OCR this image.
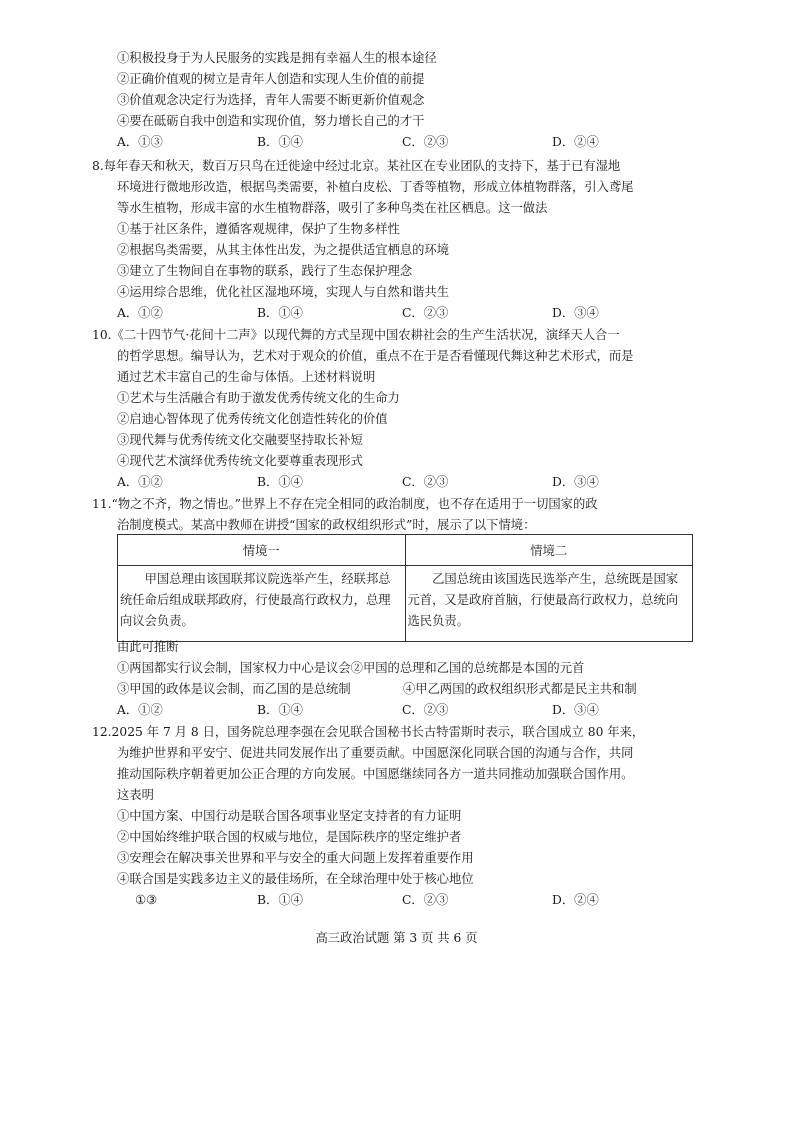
①积极投身于为人民服务的实践是拥有幸福人生的根本途径
②正确价值观的树立是青年人创造和实现人生价值的前提
③价值观念决定行为选择，青年人需要不断更新价值观念
④要在砥砺自我中创造和实现价值，努力增长自己的才干
A．①③	B．①④	C．②③	D．②④
8.每年春天和秋天，数百万只鸟在迁徙途中经过北京。某社区在专业团队的支持下，基于已有湿地
环境进行微地形改造，根据鸟类需要，补植白皮松、丁香等植物，形成立体植物群落，引入鸢尾
等水生植物，形成丰富的水生植物群落，吸引了多种鸟类在社区栖息。这一做法
①基于社区条件，遵循客观规律，保护了生物多样性
②根据鸟类需要，从其主体性出发，为之提供适宜栖息的环境
③建立了生物间自在事物的联系，践行了生态保护理念
④运用综合思维，优化社区湿地环境，实现人与自然和谐共生
A．①②	B．①④	C．②③	D．③④
10.《二十四节气·花间十二声》以现代舞的方式呈现中国农耕社会的生产生活状况，演绎天人合一
的哲学思想。编导认为，艺术对于观众的价值，重点不在于是否看懂现代舞这种艺术形式，而是
通过艺术丰富自己的生命与体悟。上述材料说明
①艺术与生活融合有助于激发优秀传统文化的生命力
②启迪心智体现了优秀传统文化创造性转化的价值
③现代舞与优秀传统文化交融要坚持取长补短
④现代艺术演绎优秀传统文化要尊重表现形式
A．①②	B．①④	C．②③	D．③④
11.“物之不齐，物之情也。”世界上不存在完全相同的政治制度，也不存在适用于一切国家的政
治制度模式。某高中教师在讲授“国家的政权组织形式”时，展示了以下情境：
情境一	情境二
甲国总理由该国联邦议院选举产生，经联邦总统任命后组成联邦政府，行使最高行政权力，总理向议会负责。	乙国总统由该国选民选举产生，总统既是国家元首，又是政府首脑，行使最高行政权力，总统向选民负责。
由此可推断
①两国都实行议会制，国家权力中心是议会②甲国的总理和乙国的总统都是本国的元首
③甲国的政体是议会制，而乙国的是总统制	④甲乙两国的政权组织形式都是民主共和制
A．①②	B．①④	C．②③	D．③④
12.2025 年 7 月 8 日，国务院总理李强在会见联合国秘书长古特雷斯时表示，联合国成立 80 年来，
为维护世界和平安宁、促进共同发展作出了重要贡献。中国愿深化同联合国的沟通与合作，共同
推动国际秩序朝着更加公正合理的方向发展。中国愿继续同各方一道共同推动加强联合国作用。
这表明
①中国方案、中国行动是联合国各项事业坚定支持者的有力证明
②中国始终维护联合国的权威与地位，是国际秩序的坚定维护者
③安理会在解决事关世界和平与安全的重大问题上发挥着重要作用
④联合国是实践多边主义的最佳场所，在全球治理中处于核心地位
①③	B．①④	C．②③	D．②④
高三政治试题 第 3 页 共 6 页
